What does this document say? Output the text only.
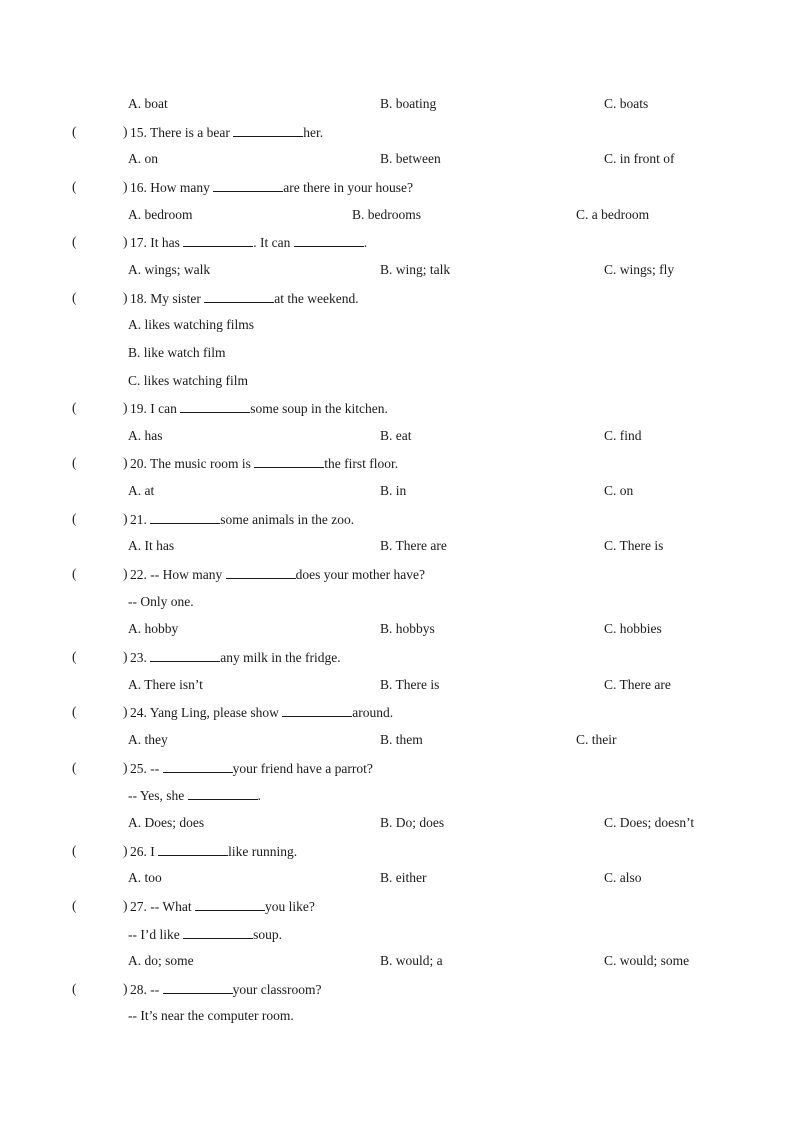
A. boat	B. boating	C. boats
(	) 15. There is a bear	her.
A. on	B. between	C. in front of
(	) 16. How many	are there in your house?
A. bedroom	B. bedrooms	C. a bedroom
(	) 17. It has	. It can	.
A. wings; walk	B. wing; talk	C. wings; fly
(	) 18. My sister	at the weekend.
A. likes watching films
B. like watch film
C. likes watching film
(	) 19. I can	some soup in the kitchen.
A. has	B. eat	C. find
(	) 20. The music room is	the first floor.
A. at	B. in	C. on
(	) 21.	some animals in the zoo.
A. It has	B. There are	C. There is
(	) 22. -- How many	does your mother have?
-- Only one.
A. hobby	B. hobbys	C. hobbies
(	) 23.	any milk in the fridge.
A. There isn’t	B. There is	C. There are
(	) 24. Yang Ling, please show	around.
A. they	B. them	C. their
(	) 25. --	your friend have a parrot?
-- Yes, she	.
A. Does; does	B. Do; does	C. Does; doesn’t
(	) 26. I	like running.
A. too	B. either	C. also
(	) 27. -- What	you like?
-- I’d like	soup.
A. do; some	B. would; a	C. would; some
(	) 28. --	your classroom?
-- It’s near the computer room.
